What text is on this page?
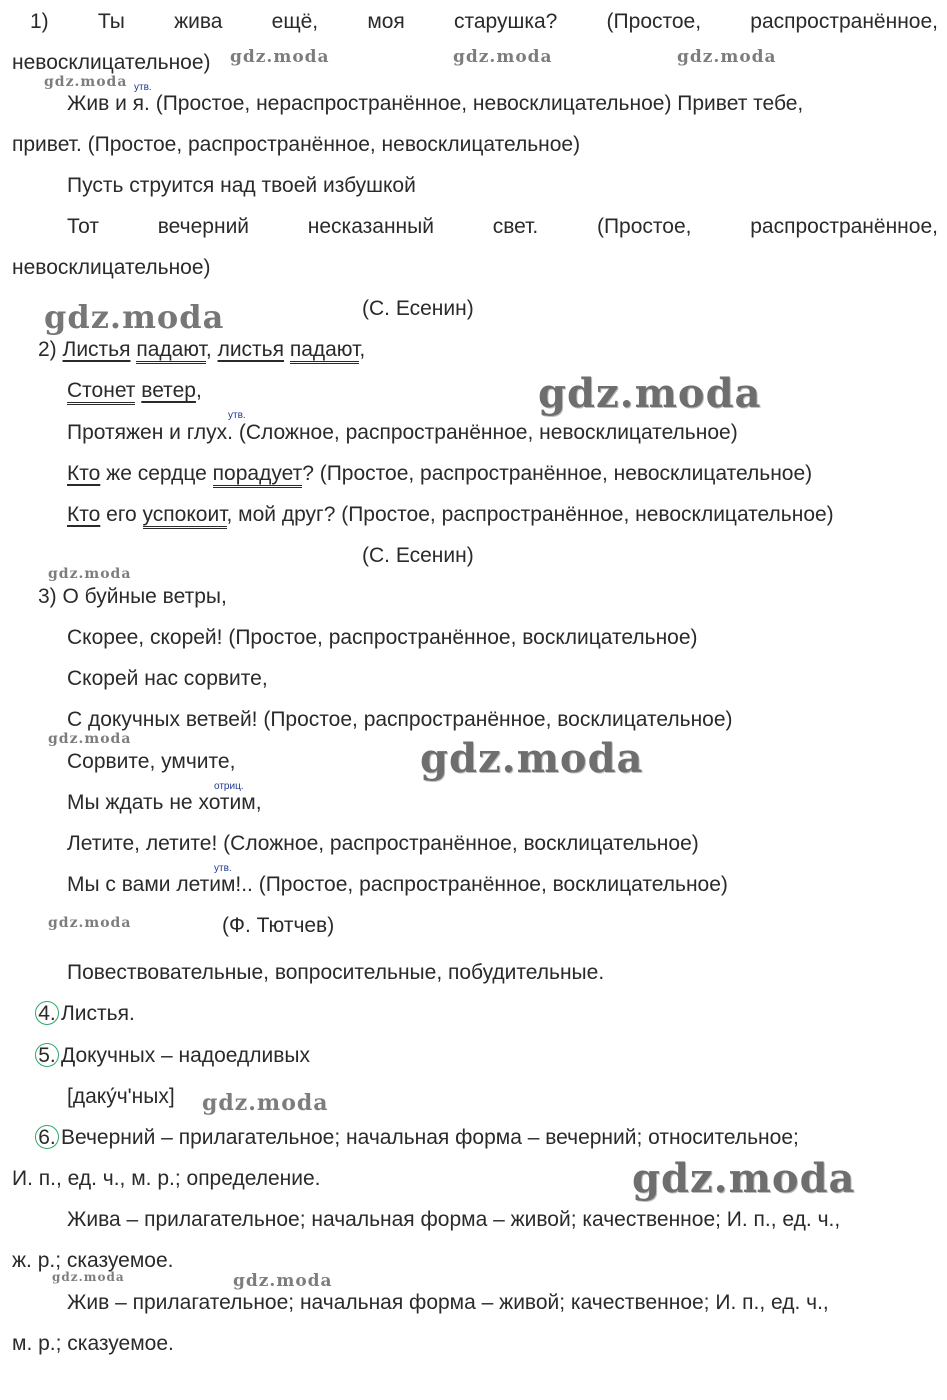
1) Ты жива ещё, моя старушка? (Простое, распространённое,
невосклицательное)
утв.
Жив и я. (Простое, нераспространённое, невосклицательное) Привет тебе,
привет. (Простое, распространённое, невосклицательное)
Пусть струится над твоей избушкой
Тот	вечерний	несказанный	свет.	(Простое,	распространённое,
невосклицательное)
(С. Есенин)
2) Листья падают, листья падают,
Стонет ветер,
утв.
Протяжен и глух. (Сложное, распространённое, невосклицательное)
Кто же сердце порадует? (Простое, распространённое, невосклицательное)
Кто его успокоит, мой друг? (Простое, распространённое, невосклицательное)
(С. Есенин)
3) О буйные ветры,
Скорее, скорей! (Простое, распространённое, восклицательное)
Скорей нас сорвите,
С докучных ветвей! (Простое, распространённое, восклицательное)
Сорвите, умчите,
отриц.
Мы ждать не хотим,
Летите, летите! (Сложное, распространённое, восклицательное)
утв.
Мы с вами летим!.. (Простое, распространённое, восклицательное)
(Ф. Тютчев)
Повествовательные, вопросительные, побудительные.
4. Листья.
5. Докучных – надоедливых
[даку́ч'ных]
6. Вечерний – прилагательное; начальная форма – вечерний; относительное;
И. п., ед. ч., м. р.; определение.
Жива – прилагательное; начальная форма – живой; качественное; И. п., ед. ч.,
ж. р.; сказуемое.
Жив – прилагательное; начальная форма – живой; качественное; И. п., ед. ч.,
м. р.; сказуемое.
gdz.moda	gdz.moda	gdz.moda
gdz.moda
gdz.moda
gdz.moda
gdz.moda
gdz.moda	gdz.moda
gdz.moda
gdz.moda
gdz.moda
gdz.moda	gdz.moda
